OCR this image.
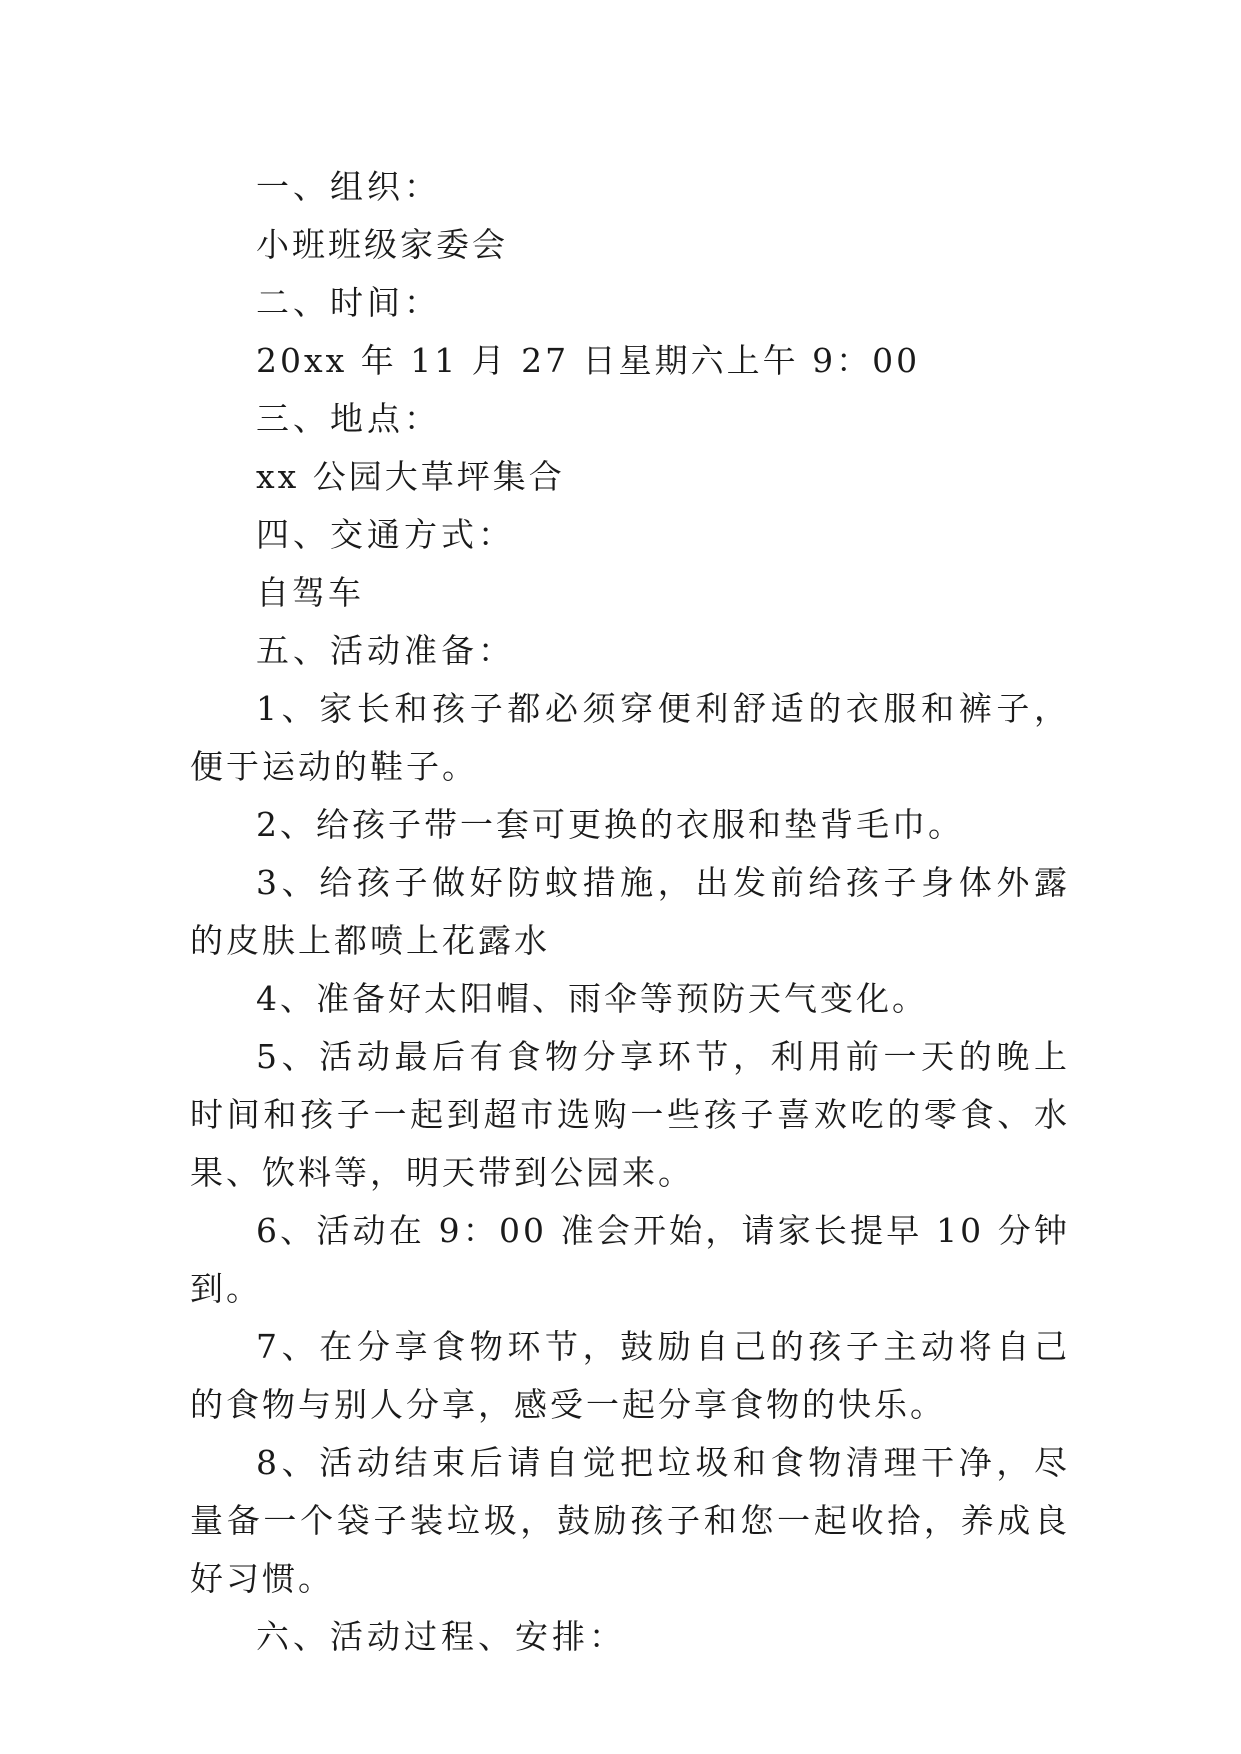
一、组织：

小班班级家委会

二、时间：

20xx 年 11 月 27 日星期六上午 9：00

三、地点：

xx 公园大草坪集合

四、交通方式：

自驾车

五、活动准备：

1、家长和孩子都必须穿便利舒适的衣服和裤子，便于运动的鞋子。

2、给孩子带一套可更换的衣服和垫背毛巾。

3、给孩子做好防蚊措施，出发前给孩子身体外露的皮肤上都喷上花露水

4、准备好太阳帽、雨伞等预防天气变化。

5、活动最后有食物分享环节，利用前一天的晚上时间和孩子一起到超市选购一些孩子喜欢吃的零食、水果、饮料等，明天带到公园来。

6、活动在 9：00 准会开始，请家长提早 10 分钟到。

7、在分享食物环节，鼓励自己的孩子主动将自己的食物与别人分享，感受一起分享食物的快乐。

8、活动结束后请自觉把垃圾和食物清理干净，尽量备一个袋子装垃圾，鼓励孩子和您一起收拾，养成良好习惯。

六、活动过程、安排：
